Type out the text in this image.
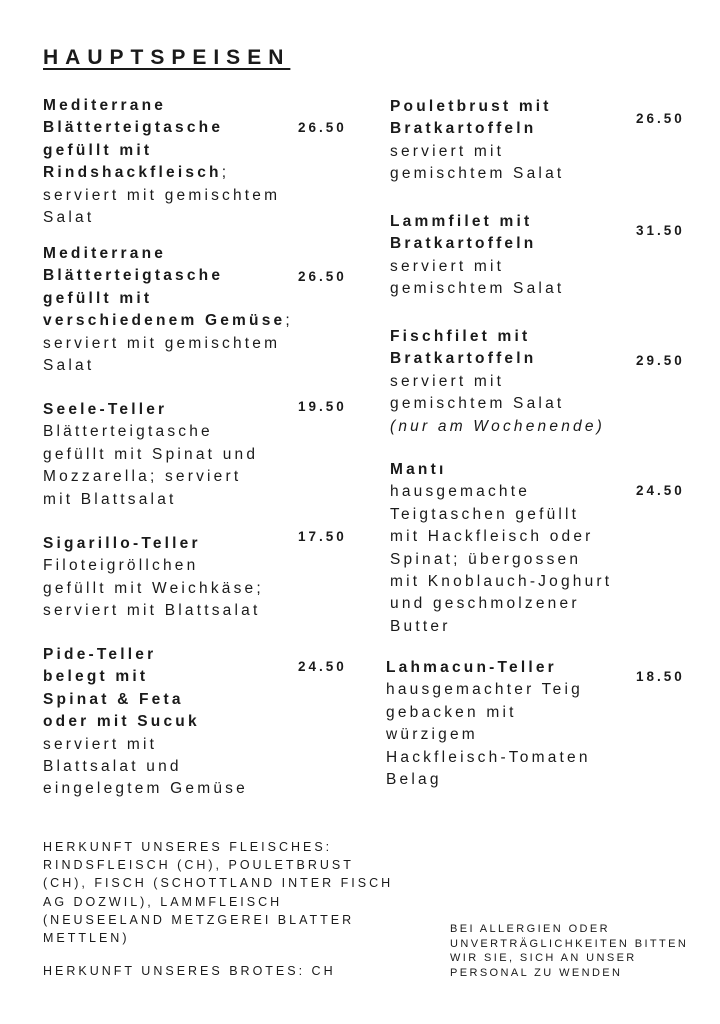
HAUPTSPEISEN
Mediterrane
Blätterteigtasche
gefüllt mit
Rindshackfleisch;
serviert mit gemischtem
Salat
26.50
Mediterrane
Blätterteigtasche
gefüllt mit
verschiedenem Gemüse;
serviert mit gemischtem
Salat
26.50
Seele-Teller
Blätterteigtasche
gefüllt mit Spinat und
Mozzarella; serviert
mit Blattsalat
19.50
Sigarillo-Teller
Filoteigröllchen
gefüllt mit Weichkäse;
serviert mit Blattsalat
17.50
Pide-Teller
belegt mit
Spinat & Feta
oder mit Sucuk
serviert mit
Blattsalat und
eingelegtem Gemüse
24.50
Pouletbrust mit
Bratkartoffeln
serviert mit
gemischtem Salat
26.50
Lammfilet mit
Bratkartoffeln
serviert mit
gemischtem Salat
31.50
Fischfilet mit
Bratkartoffeln
serviert mit
gemischtem Salat
(nur am Wochenende)
29.50
Mantı
hausgemachte
Teigtaschen gefüllt
mit Hackfleisch oder
Spinat; übergossen
mit Knoblauch-Joghurt
und geschmolzener
Butter
24.50
Lahmacun-Teller
hausgemachter Teig
gebacken mit
würzigem
Hackfleisch-Tomaten
Belag
18.50
HERKUNFT UNSERES FLEISCHES:
RINDSFLEISCH (CH), POULETBRUST
(CH), FISCH (SCHOTTLAND INTER FISCH
AG DOZWIL), LAMMFLEISCH
(NEUSEELAND METZGEREI BLATTER
METTLEN)
HERKUNFT UNSERES BROTES: CH
BEI ALLERGIEN ODER
UNVERTRÄGLICHKEITEN BITTEN
WIR SIE, SICH AN UNSER
PERSONAL ZU WENDEN
